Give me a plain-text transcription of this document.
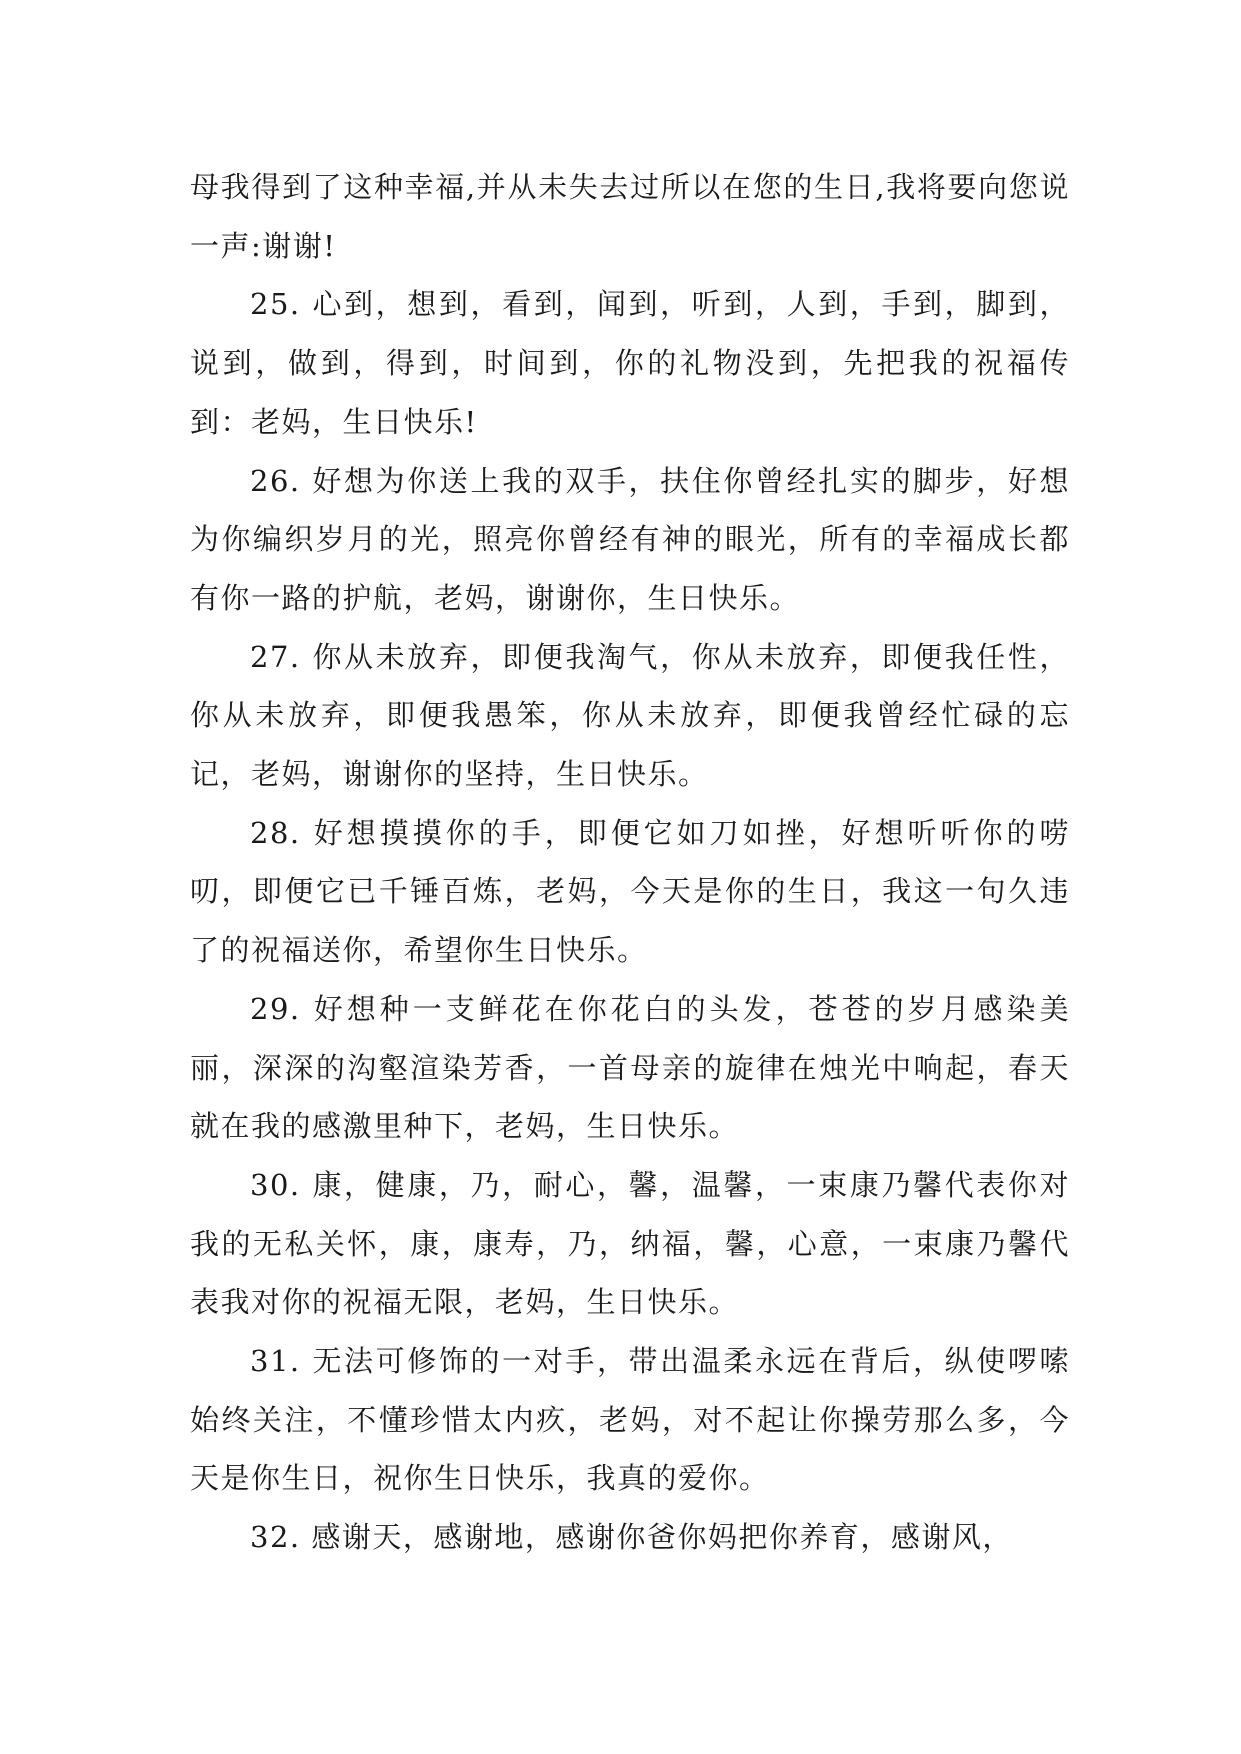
母我得到了这种幸福,并从未失去过所以在您的生日,我将要向您说一声:谢谢!

25. 心到，想到，看到，闻到，听到，人到，手到，脚到，说到，做到，得到，时间到，你的礼物没到，先把我的祝福传到：老妈，生日快乐!

26. 好想为你送上我的双手，扶住你曾经扎实的脚步，好想为你编织岁月的光，照亮你曾经有神的眼光，所有的幸福成长都有你一路的护航，老妈，谢谢你，生日快乐。

27. 你从未放弃，即便我淘气，你从未放弃，即便我任性，你从未放弃，即便我愚笨，你从未放弃，即便我曾经忙碌的忘记，老妈，谢谢你的坚持，生日快乐。

28. 好想摸摸你的手，即便它如刀如挫，好想听听你的唠叨，即便它已千锤百炼，老妈，今天是你的生日，我这一句久违了的祝福送你，希望你生日快乐。

29. 好想种一支鲜花在你花白的头发，苍苍的岁月感染美丽，深深的沟壑渲染芳香，一首母亲的旋律在烛光中响起，春天就在我的感激里种下，老妈，生日快乐。

30. 康，健康，乃，耐心，馨，温馨，一束康乃馨代表你对我的无私关怀，康，康寿，乃，纳福，馨，心意，一束康乃馨代表我对你的祝福无限，老妈，生日快乐。

31. 无法可修饰的一对手，带出温柔永远在背后，纵使啰嗦始终关注，不懂珍惜太内疚，老妈，对不起让你操劳那么多，今天是你生日，祝你生日快乐，我真的爱你。

32. 感谢天，感谢地，感谢你爸你妈把你养育，感谢风，
